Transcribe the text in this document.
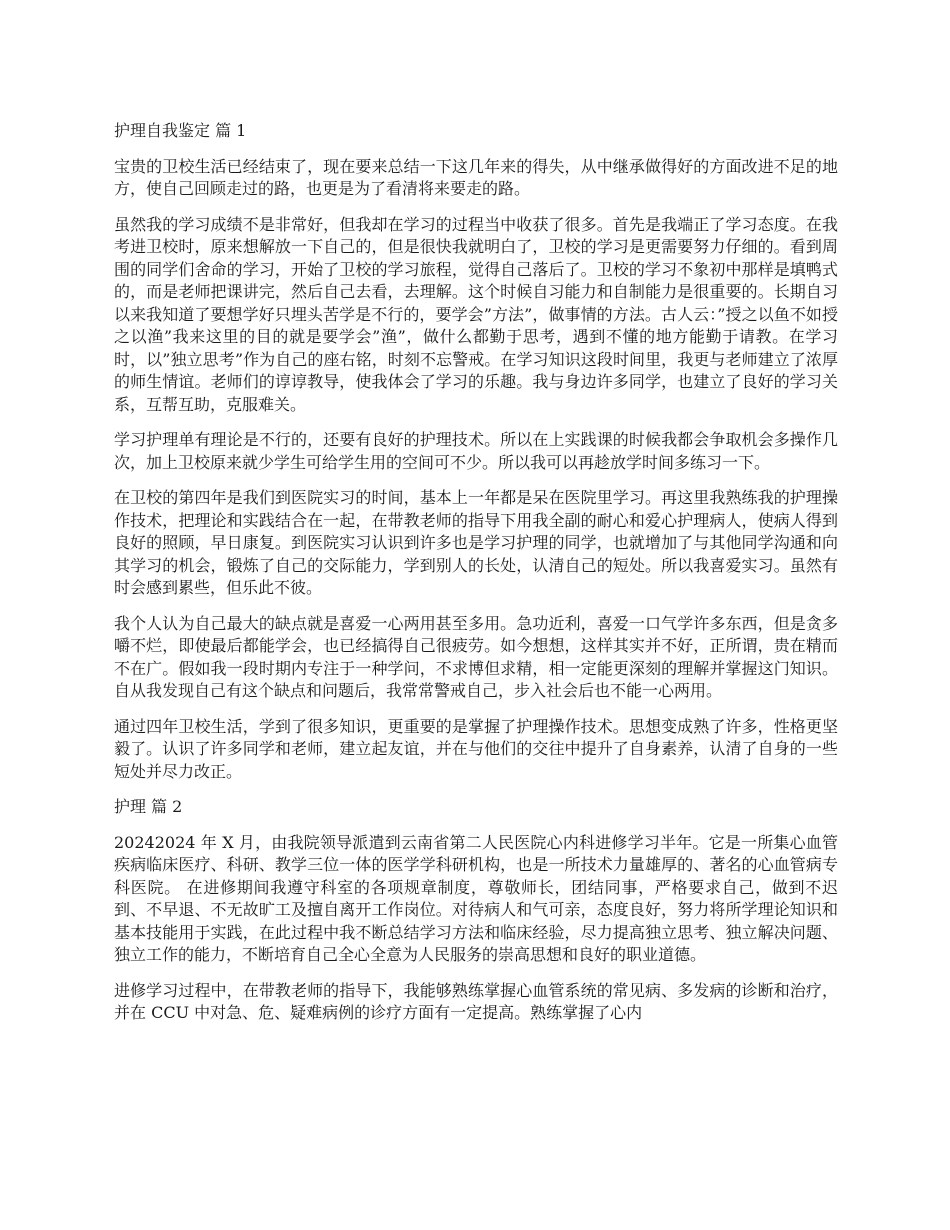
护理自我鉴定 篇 1

宝贵的卫校生活已经结束了，现在要来总结一下这几年来的得失，从中继承做得好的方面改进不足的地方，使自己回顾走过的路，也更是为了看清将来要走的路。

虽然我的学习成绩不是非常好，但我却在学习的过程当中收获了很多。首先是我端正了学习态度。在我考进卫校时，原来想解放一下自己的，但是很快我就明白了，卫校的学习是更需要努力仔细的。看到周围的同学们舍命的学习，开始了卫校的学习旅程，觉得自己落后了。卫校的学习不象初中那样是填鸭式的，而是老师把课讲完，然后自己去看，去理解。这个时候自习能力和自制能力是很重要的。长期自习以来我知道了要想学好只埋头苦学是不行的，要学会”方法”，做事情的方法。古人云：”授之以鱼不如授之以渔”我来这里的目的就是要学会”渔”，做什么都勤于思考，遇到不懂的地方能勤于请教。在学习时，以”独立思考”作为自己的座右铭，时刻不忘警戒。在学习知识这段时间里，我更与老师建立了浓厚的师生情谊。老师们的谆谆教导，使我体会了学习的乐趣。我与身边许多同学，也建立了良好的学习关系，互帮互助，克服难关。

学习护理单有理论是不行的，还要有良好的护理技术。所以在上实践课的时候我都会争取机会多操作几次，加上卫校原来就少学生可给学生用的空间可不少。所以我可以再趁放学时间多练习一下。

在卫校的第四年是我们到医院实习的时间，基本上一年都是呆在医院里学习。再这里我熟练我的护理操作技术，把理论和实践结合在一起，在带教老师的指导下用我全副的耐心和爱心护理病人，使病人得到良好的照顾，早日康复。到医院实习认识到许多也是学习护理的同学，也就增加了与其他同学沟通和向其学习的机会，锻炼了自己的交际能力，学到别人的长处，认清自己的短处。所以我喜爱实习。虽然有时会感到累些，但乐此不彼。

我个人认为自己最大的缺点就是喜爱一心两用甚至多用。急功近利，喜爱一口气学许多东西，但是贪多嚼不烂，即使最后都能学会，也已经搞得自己很疲劳。如今想想，这样其实并不好，正所谓，贵在精而不在广。假如我一段时期内专注于一种学问，不求博但求精，相一定能更深刻的理解并掌握这门知识。自从我发现自己有这个缺点和问题后，我常常警戒自己，步入社会后也不能一心两用。

通过四年卫校生活，学到了很多知识，更重要的是掌握了护理操作技术。思想变成熟了许多，性格更坚毅了。认识了许多同学和老师，建立起友谊，并在与他们的交往中提升了自身素养，认清了自身的一些短处并尽力改正。

护理 篇 2

20242024 年 X 月，由我院领导派遣到云南省第二人民医院心内科进修学习半年。它是一所集心血管疾病临床医疗、科研、教学三位一体的医学学科研机构，也是一所技术力量雄厚的、著名的心血管病专科医院。 在进修期间我遵守科室的各项规章制度，尊敬师长，团结同事，严格要求自己，做到不迟到、不早退、不无故旷工及擅自离开工作岗位。对待病人和气可亲，态度良好，努力将所学理论知识和基本技能用于实践，在此过程中我不断总结学习方法和临床经验，尽力提高独立思考、独立解决问题、独立工作的能力，不断培育自己全心全意为人民服务的崇高思想和良好的职业道德。

进修学习过程中，在带教老师的指导下，我能够熟练掌握心血管系统的常见病、多发病的诊断和治疗，并在 CCU 中对急、危、疑难病例的诊疗方面有一定提高。熟练掌握了心内
